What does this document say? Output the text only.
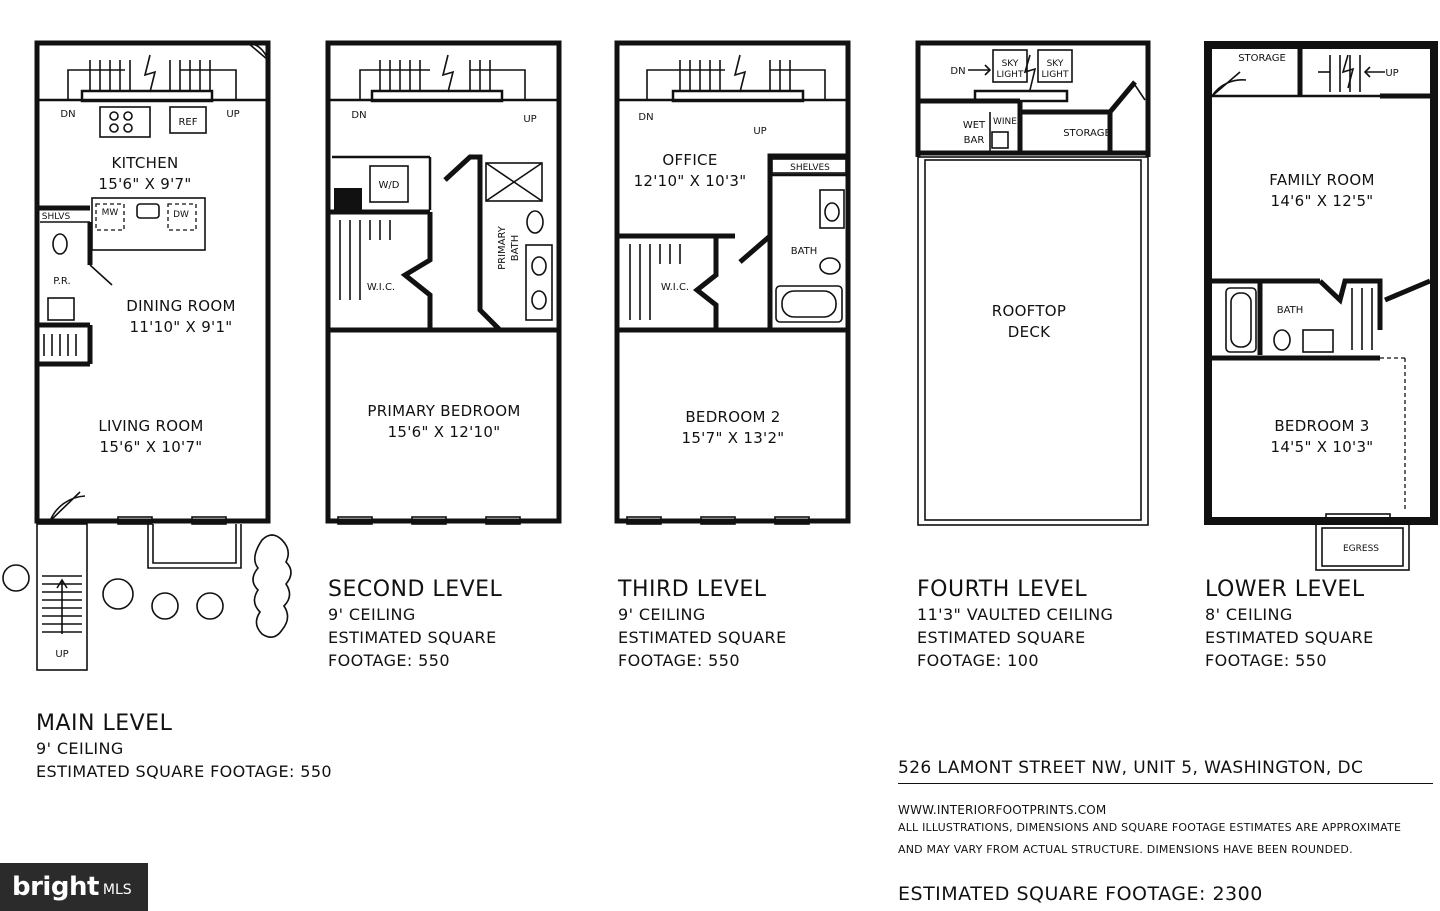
DN	UP
REF
KITCHEN
15'6" X 9'7"
MW	DW
SHLVS
P.R.
DINING ROOM
11'10" X 9'1"
LIVING ROOM
15'6" X 10'7"
UP
DN	UP
W/D
W.I.C.
PRIMARY BATH
PRIMARY BEDROOM
15'6" X 12'10"
DN
UP
OFFICE
12'10" X 10'3"
W.I.C.
SHELVES
BATH
BEDROOM 2
15'7" X 13'2"
SKY
LIGHT
SKY
LIGHT
DN
WET
BAR
WINE
STORAGE
ROOFTOP
DECK
STORAGE
UP
FAMILY ROOM
14'6" X 12'5"
BATH
BEDROOM 3
14'5" X 10'3"
EGRESS
MAIN LEVEL
9' CEILING
ESTIMATED SQUARE FOOTAGE: 550
SECOND LEVEL
9' CEILING
ESTIMATED SQUARE
FOOTAGE: 550
THIRD LEVEL
9' CEILING
ESTIMATED SQUARE
FOOTAGE: 550
FOURTH LEVEL
11'3" VAULTED CEILING
ESTIMATED SQUARE
FOOTAGE: 100
LOWER LEVEL
8' CEILING
ESTIMATED SQUARE
FOOTAGE: 550
526 LAMONT STREET NW, UNIT 5, WASHINGTON, DC
WWW.INTERIORFOOTPRINTS.COM
ALL ILLUSTRATIONS, DIMENSIONS AND SQUARE FOOTAGE ESTIMATES ARE APPROXIMATE
AND MAY VARY FROM ACTUAL STRUCTURE. DIMENSIONS HAVE BEEN ROUNDED.
ESTIMATED SQUARE FOOTAGE: 2300
bright MLS
